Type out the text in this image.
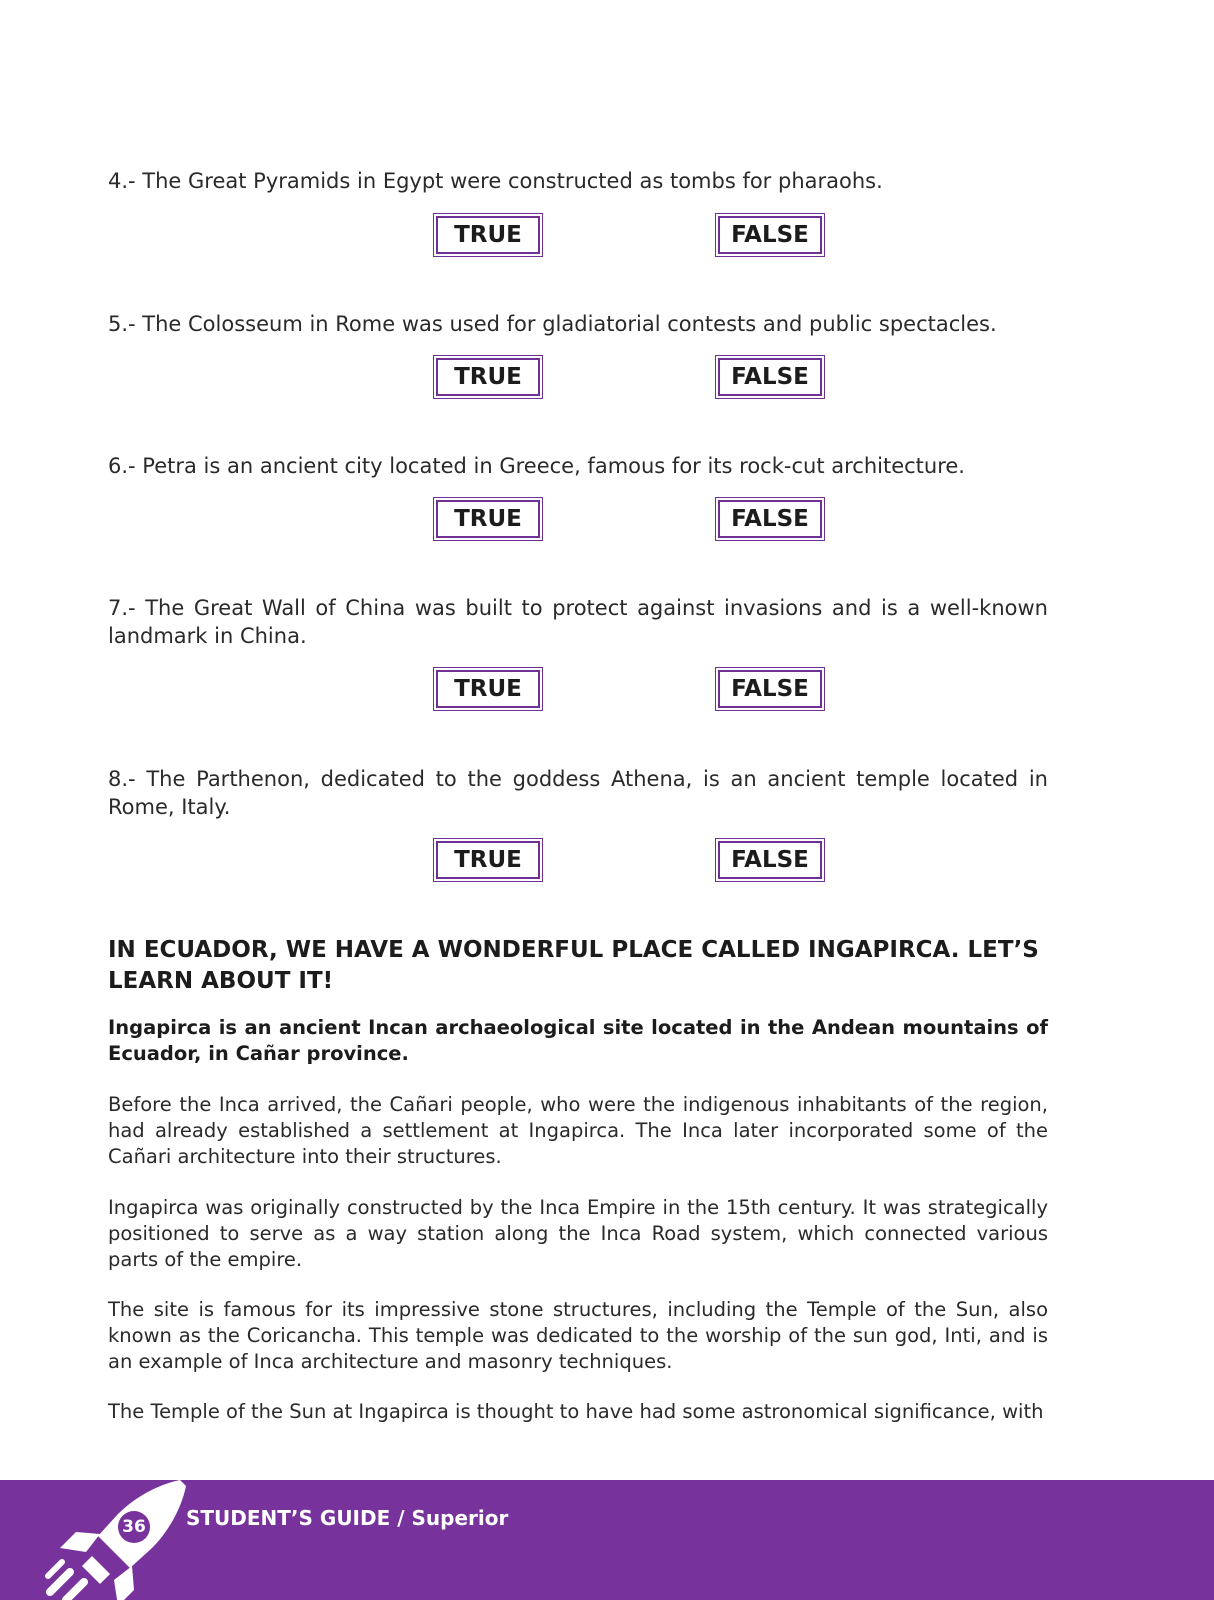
4.- The Great Pyramids in Egypt were constructed as tombs for pharaohs.
TRUE	FALSE
5.- The Colosseum in Rome was used for gladiatorial contests and public spectacles.
TRUE	FALSE
6.- Petra is an ancient city located in Greece, famous for its rock-cut architecture.
TRUE	FALSE
7.- The Great Wall of China was built to protect against invasions and is a well-known landmark in China.
TRUE	FALSE
8.- The Parthenon, dedicated to the goddess Athena, is an ancient temple located in Rome, Italy.
TRUE	FALSE
IN ECUADOR, WE HAVE A WONDERFUL PLACE CALLED INGAPIRCA. LET’S LEARN ABOUT IT!
Ingapirca is an ancient Incan archaeological site located in the Andean mountains of Ecuador, in Cañar province.
Before the Inca arrived, the Cañari people, who were the indigenous inhabitants of the region, had already established a settlement at Ingapirca. The Inca later incorporated some of the Cañari architecture into their structures.
Ingapirca was originally constructed by the Inca Empire in the 15th century. It was strategically positioned to serve as a way station along the Inca Road system, which connected various parts of the empire.
The site is famous for its impressive stone structures, including the Temple of the Sun, also known as the Coricancha. This temple was dedicated to the worship of the sun god, Inti, and is an example of Inca architecture and masonry techniques.
The Temple of the Sun at Ingapirca is thought to have had some astronomical significance, with
36 STUDENT’S GUIDE / Superior
